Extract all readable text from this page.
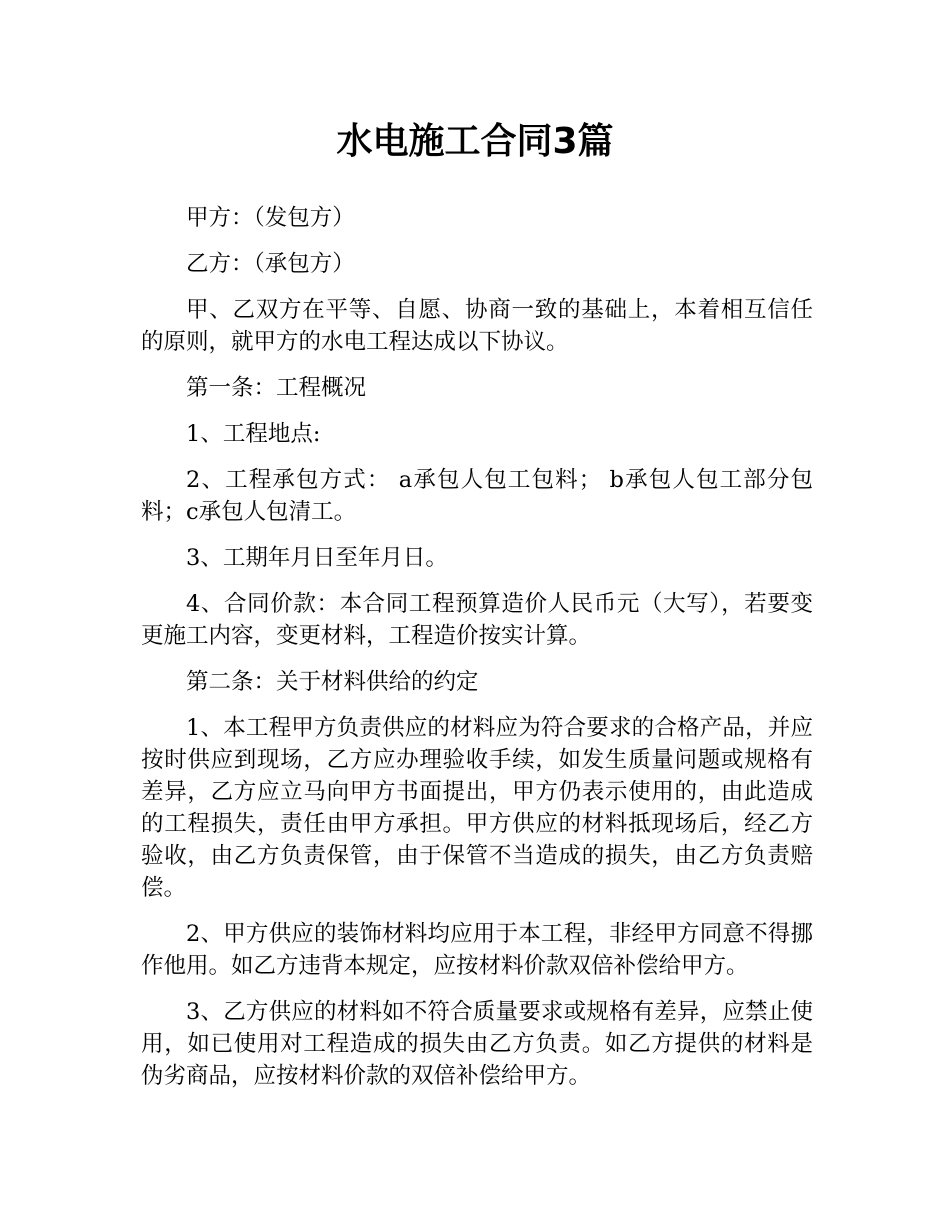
水电施工合同3篇

甲方：（发包方）

乙方：（承包方）

甲、乙双方在平等、自愿、协商一致的基础上，本着相互信任的原则，就甲方的水电工程达成以下协议。

第一条：工程概况

1、工程地点:

2、工程承包方式： a承包人包工包料； b承包人包工部分包料；c承包人包清工。

3、工期年月日至年月日。

4、合同价款：本合同工程预算造价人民币元（大写），若要变更施工内容，变更材料，工程造价按实计算。

第二条：关于材料供给的约定

1、本工程甲方负责供应的材料应为符合要求的合格产品，并应按时供应到现场，乙方应办理验收手续，如发生质量问题或规格有差异，乙方应立马向甲方书面提出，甲方仍表示使用的，由此造成的工程损失，责任由甲方承担。甲方供应的材料抵现场后，经乙方验收，由乙方负责保管，由于保管不当造成的损失，由乙方负责赔偿。

2、甲方供应的装饰材料均应用于本工程，非经甲方同意不得挪作他用。如乙方违背本规定，应按材料价款双倍补偿给甲方。

3、乙方供应的材料如不符合质量要求或规格有差异，应禁止使用，如已使用对工程造成的损失由乙方负责。如乙方提供的材料是伪劣商品，应按材料价款的双倍补偿给甲方。
